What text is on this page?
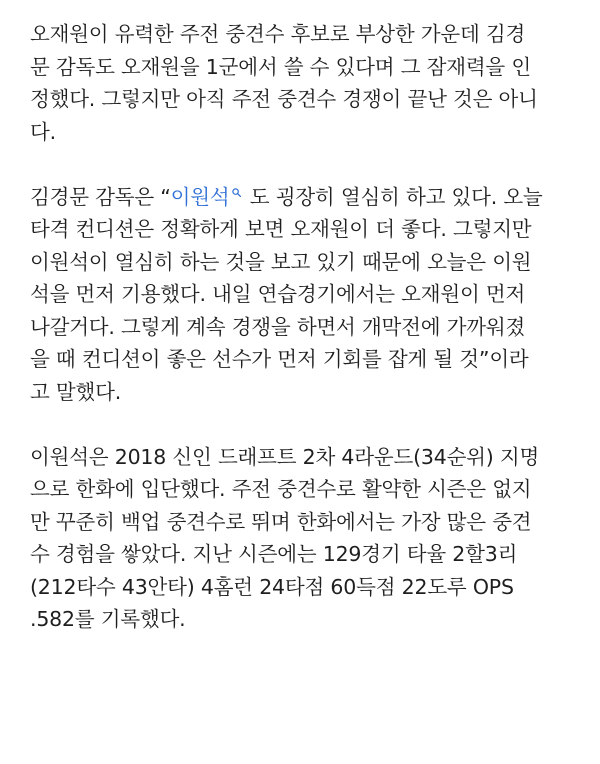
오재원이 유력한 주전 중견수 후보로 부상한 가운데 김경
문 감독도 오재원을 1군에서 쓸 수 있다며 그 잠재력을 인
정했다. 그렇지만 아직 주전 중견수 경쟁이 끝난 것은 아니
다.

김경문 감독은 “이원석
도 굉장히 열심히 하고 있다. 오늘
타격 컨디션은 정확하게 보면 오재원이 더 좋다. 그렇지만
이원석이 열심히 하는 것을 보고 있기 때문에 오늘은 이원
석을 먼저 기용했다. 내일 연습경기에서는 오재원이 먼저
나갈거다. 그렇게 계속 경쟁을 하면서 개막전에 가까워졌
을 때 컨디션이 좋은 선수가 먼저 기회를 잡게 될 것”이라
고 말했다.

이원석은 2018 신인 드래프트 2차 4라운드(34순위) 지명
으로 한화에 입단했다. 주전 중견수로 활약한 시즌은 없지
만 꾸준히 백업 중견수로 뛰며 한화에서는 가장 많은 중견
수 경험을 쌓았다. 지난 시즌에는 129경기 타율 2할3리
(212타수 43안타) 4홈런 24타점 60득점 22도루 OPS
.582를 기록했다.
